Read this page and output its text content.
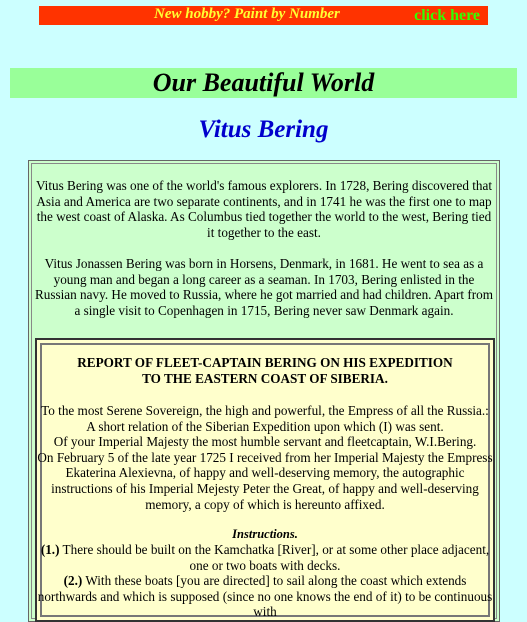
New hobby? Paint by Number	click here
Our Beautiful World
Vitus Bering

Vitus Bering was one of the world's famous explorers. In 1728, Bering discovered that Asia and America are two separate continents, and in 1741 he was the first one to map the west coast of Alaska. As Columbus tied together the world to the west, Bering tied it together to the east.

Vitus Jonassen Bering was born in Horsens, Denmark, in 1681. He went to sea as a young man and began a long career as a seaman. In 1703, Bering enlisted in the Russian navy. He moved to Russia, where he got married and had children. Apart from a single visit to Copenhagen in 1715, Bering never saw Denmark again.

REPORT OF FLEET-CAPTAIN BERING ON HIS EXPEDITION
TO THE EASTERN COAST OF SIBERIA.

To the most Serene Sovereign, the high and powerful, the Empress of all the Russia.:

A short relation of the Siberian Expedition upon which (I) was sent.

Of your Imperial Majesty the most humble servant and fleetcaptain, W.I.Bering.

On February 5 of the late year 1725 I received from her Imperial Majesty the Empress Ekaterina Alexievna, of happy and well-deserving memory, the autographic instructions of his Imperial Mejesty Peter the Great, of happy and well-deserving memory, a copy of which is hereunto affixed.

Instructions.

(1.) There should be built on the Kamchatka [River], or at some other place adjacent, one or two boats with decks.

(2.) With these boats [you are directed] to sail along the coast which extends northwards and which is supposed (since no one knows the end of it) to be continuous with
